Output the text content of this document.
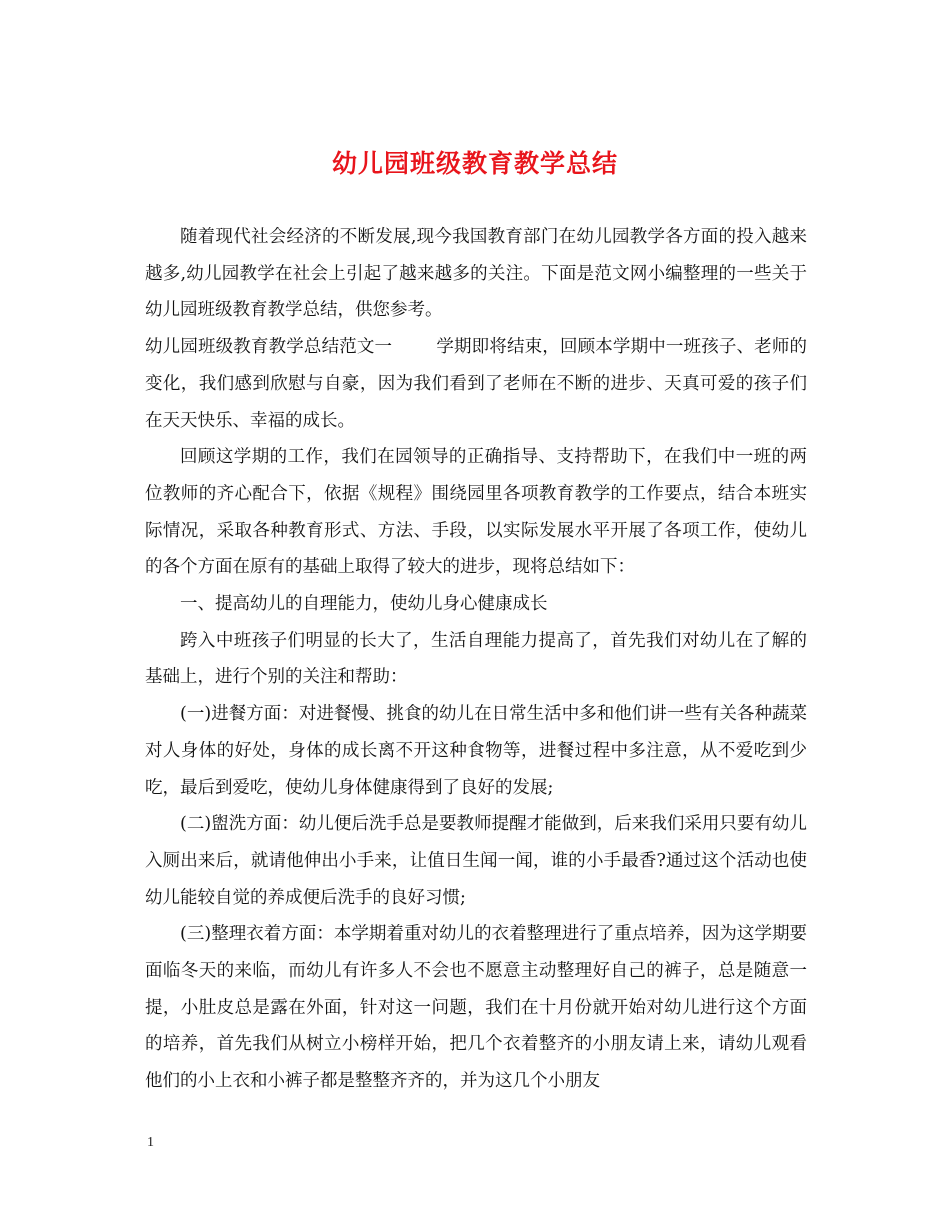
幼儿园班级教育教学总结

随着现代社会经济的不断发展,现今我国教育部门在幼儿园教学各方面的投入越来越多,幼儿园教学在社会上引起了越来越多的关注。下面是范文网小编整理的一些关于幼儿园班级教育教学总结，供您参考。

幼儿园班级教育教学总结范文一	学期即将结束，回顾本学期中一班孩子、老师的变化，我们感到欣慰与自豪，因为我们看到了老师在不断的进步、天真可爱的孩子们在天天快乐、幸福的成长。

回顾这学期的工作，我们在园领导的正确指导、支持帮助下，在我们中一班的两位教师的齐心配合下，依据《规程》围绕园里各项教育教学的工作要点，结合本班实际情况，采取各种教育形式、方法、手段，以实际发展水平开展了各项工作，使幼儿的各个方面在原有的基础上取得了较大的进步，现将总结如下：

一、提高幼儿的自理能力，使幼儿身心健康成长

跨入中班孩子们明显的长大了，生活自理能力提高了，首先我们对幼儿在了解的基础上，进行个别的关注和帮助：

(一)进餐方面：对进餐慢、挑食的幼儿在日常生活中多和他们讲一些有关各种蔬菜对人身体的好处，身体的成长离不开这种食物等，进餐过程中多注意，从不爱吃到少吃，最后到爱吃，使幼儿身体健康得到了良好的发展;

(二)盥洗方面：幼儿便后洗手总是要教师提醒才能做到，后来我们采用只要有幼儿入厕出来后，就请他伸出小手来，让值日生闻一闻，谁的小手最香?通过这个活动也使幼儿能较自觉的养成便后洗手的良好习惯;

(三)整理衣着方面：本学期着重对幼儿的衣着整理进行了重点培养，因为这学期要面临冬天的来临，而幼儿有许多人不会也不愿意主动整理好自己的裤子，总是随意一提，小肚皮总是露在外面，针对这一问题，我们在十月份就开始对幼儿进行这个方面的培养，首先我们从树立小榜样开始，把几个衣着整齐的小朋友请上来，请幼儿观看他们的小上衣和小裤子都是整整齐齐的，并为这几个小朋友

1
